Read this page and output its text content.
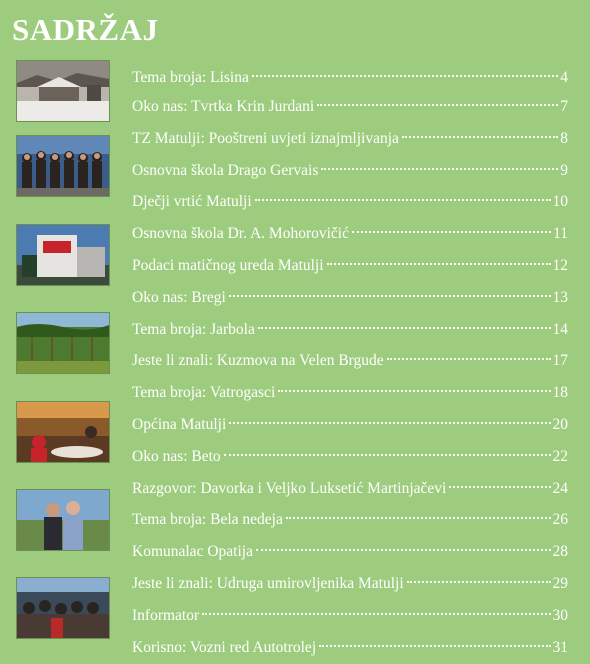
SADRŽAJ
Tema broja: Lisina	4
Oko nas: Tvrtka Krin Jurdani	7
TZ Matulji: Pooštreni uvjeti iznajmljivanja	8
Osnovna škola Drago Gervais	9
Dječji vrtić Matulji	10
Osnovna škola Dr. A. Mohorovičić	11
Podaci matičnog ureda Matulji	12
Oko nas: Bregi	13
Tema broja: Jarbola	14
Jeste li znali: Kuzmova na Velen Brgude	17
Tema broja: Vatrogasci	18
Općina Matulji	20
Oko nas: Beto	22
Razgovor: Davorka i Veljko Luksetić Martinjačevi	24
Tema broja: Bela nedeja	26
Komunalac Opatija	28
Jeste li znali: Udruga umirovljenika Matulji	29
Informator	30
Korisno: Vozni red Autotrolej	31
